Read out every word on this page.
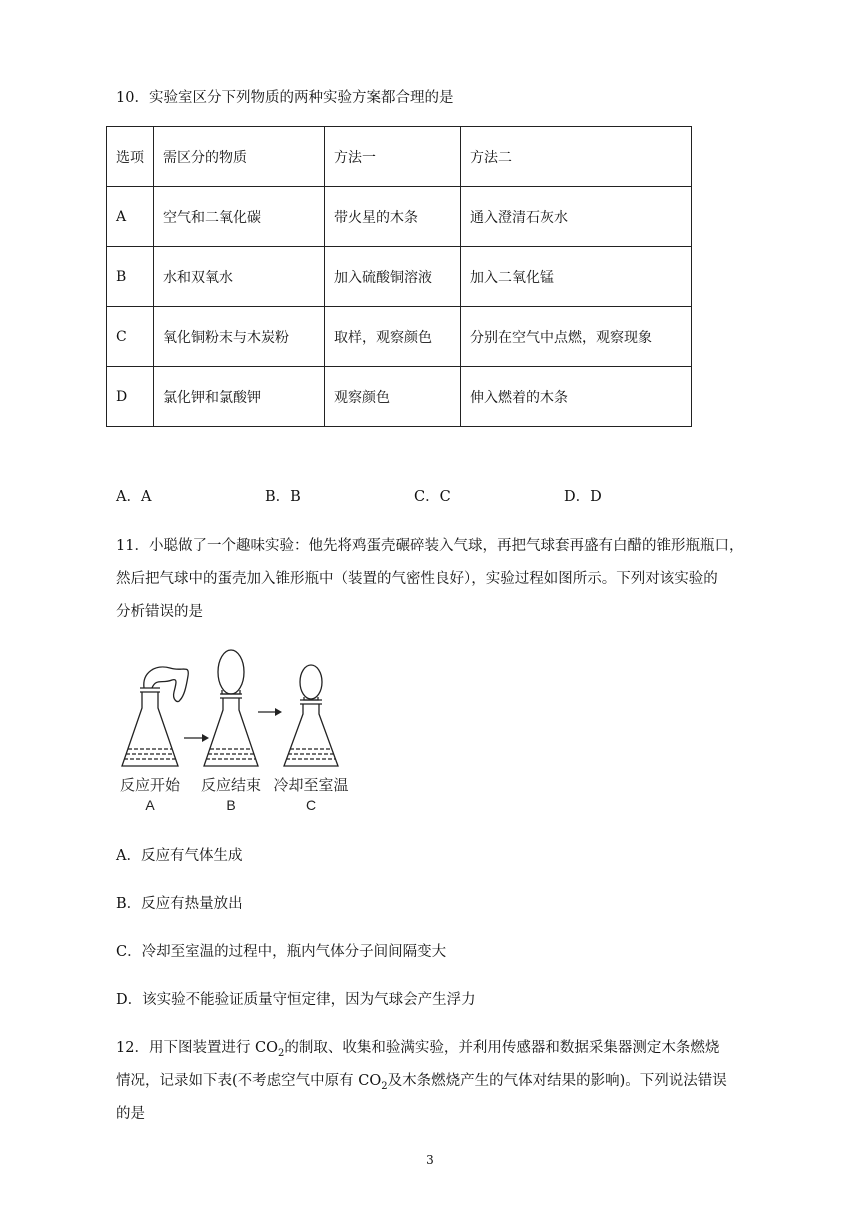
10．实验室区分下列物质的两种实验方案都合理的是
选项	需区分的物质	方法一	方法二
A	空气和二氧化碳	带火星的木条	通入澄清石灰水
B	水和双氧水	加入硫酸铜溶液	加入二氧化锰
C	氧化铜粉末与木炭粉	取样，观察颜色	分别在空气中点燃，观察现象
D	氯化钾和氯酸钾	观察颜色	伸入燃着的木条
A．A	B．B	C．C	D．D
11．小聪做了一个趣味实验：他先将鸡蛋壳碾碎装入气球，再把气球套再盛有白醋的锥形瓶瓶口，
然后把气球中的蛋壳加入锥形瓶中（装置的气密性良好），实验过程如图所示。下列对该实验的
分析错误的是
反应开始 反应结束 冷却至室温
A	B	C
A．反应有气体生成
B．反应有热量放出
C．冷却至室温的过程中，瓶内气体分子间间隔变大
D．该实验不能验证质量守恒定律，因为气球会产生浮力
12．用下图装置进行 $CO_2$的制取、收集和验满实验，并利用传感器和数据采集器测定木条燃烧
情况，记录如下表(不考虑空气中原有 $CO_2$及木条燃烧产生的气体对结果的影响)。下列说法错误
的是
3
